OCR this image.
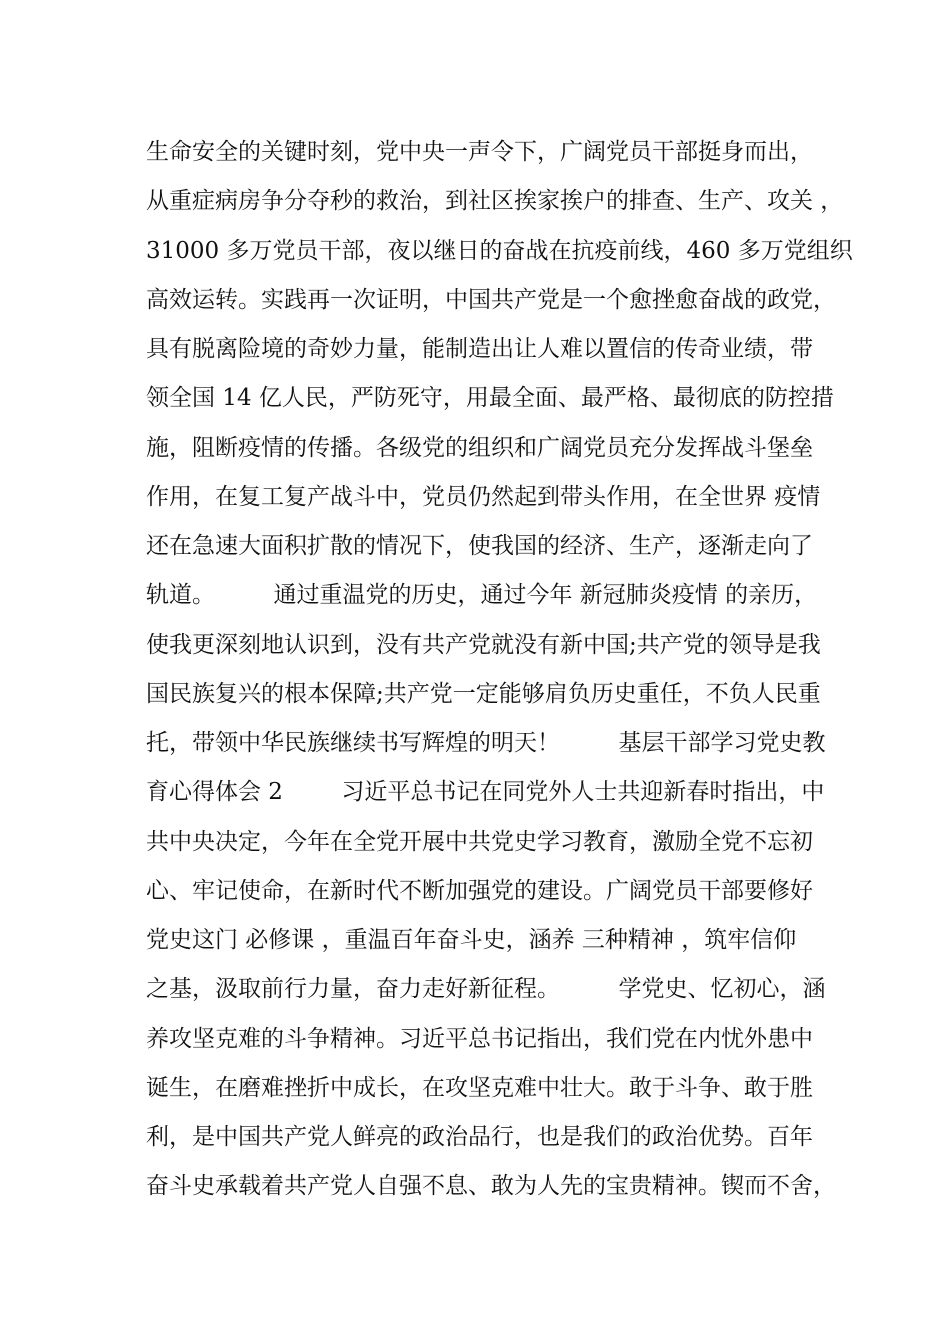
生命安全的关键时刻，党中央一声令下，广阔党员干部挺身而出，

从重症病房争分夺秒的救治，到社区挨家挨户的排查、生产、攻关 ，

31000 多万党员干部，夜以继日的奋战在抗疫前线，460 多万党组织

高效运转。实践再一次证明，中国共产党是一个愈挫愈奋战的政党，

具有脱离险境的奇妙力量，能制造出让人难以置信的传奇业绩，带

领全国 14 亿人民，严防死守，用最全面、最严格、最彻底的防控措

施，阻断疫情的传播。各级党的组织和广阔党员充分发挥战斗堡垒

作用，在复工复产战斗中，党员仍然起到带头作用，在全世界 疫情

还在急速大面积扩散的情况下，使我国的经济、生产，逐渐走向了

轨道。        通过重温党的历史，通过今年 新冠肺炎疫情 的亲历，

使我更深刻地认识到，没有共产党就没有新中国;共产党的领导是我

国民族复兴的根本保障;共产党一定能够肩负历史重任，不负人民重

托，带领中华民族继续书写辉煌的明天！        基层干部学习党史教

育心得体会 2        习近平总书记在同党外人士共迎新春时指出，中

共中央决定，今年在全党开展中共党史学习教育，激励全党不忘初

心、牢记使命，在新时代不断加强党的建设。广阔党员干部要修好

党史这门 必修课 ，重温百年奋斗史，涵养 三种精神 ，筑牢信仰

之基，汲取前行力量，奋力走好新征程。        学党史、忆初心，涵

养攻坚克难的斗争精神。习近平总书记指出，我们党在内忧外患中

诞生，在磨难挫折中成长，在攻坚克难中壮大。敢于斗争、敢于胜

利，是中国共产党人鲜亮的政治品行，也是我们的政治优势。百年

奋斗史承载着共产党人自强不息、敢为人先的宝贵精神。锲而不舍，
